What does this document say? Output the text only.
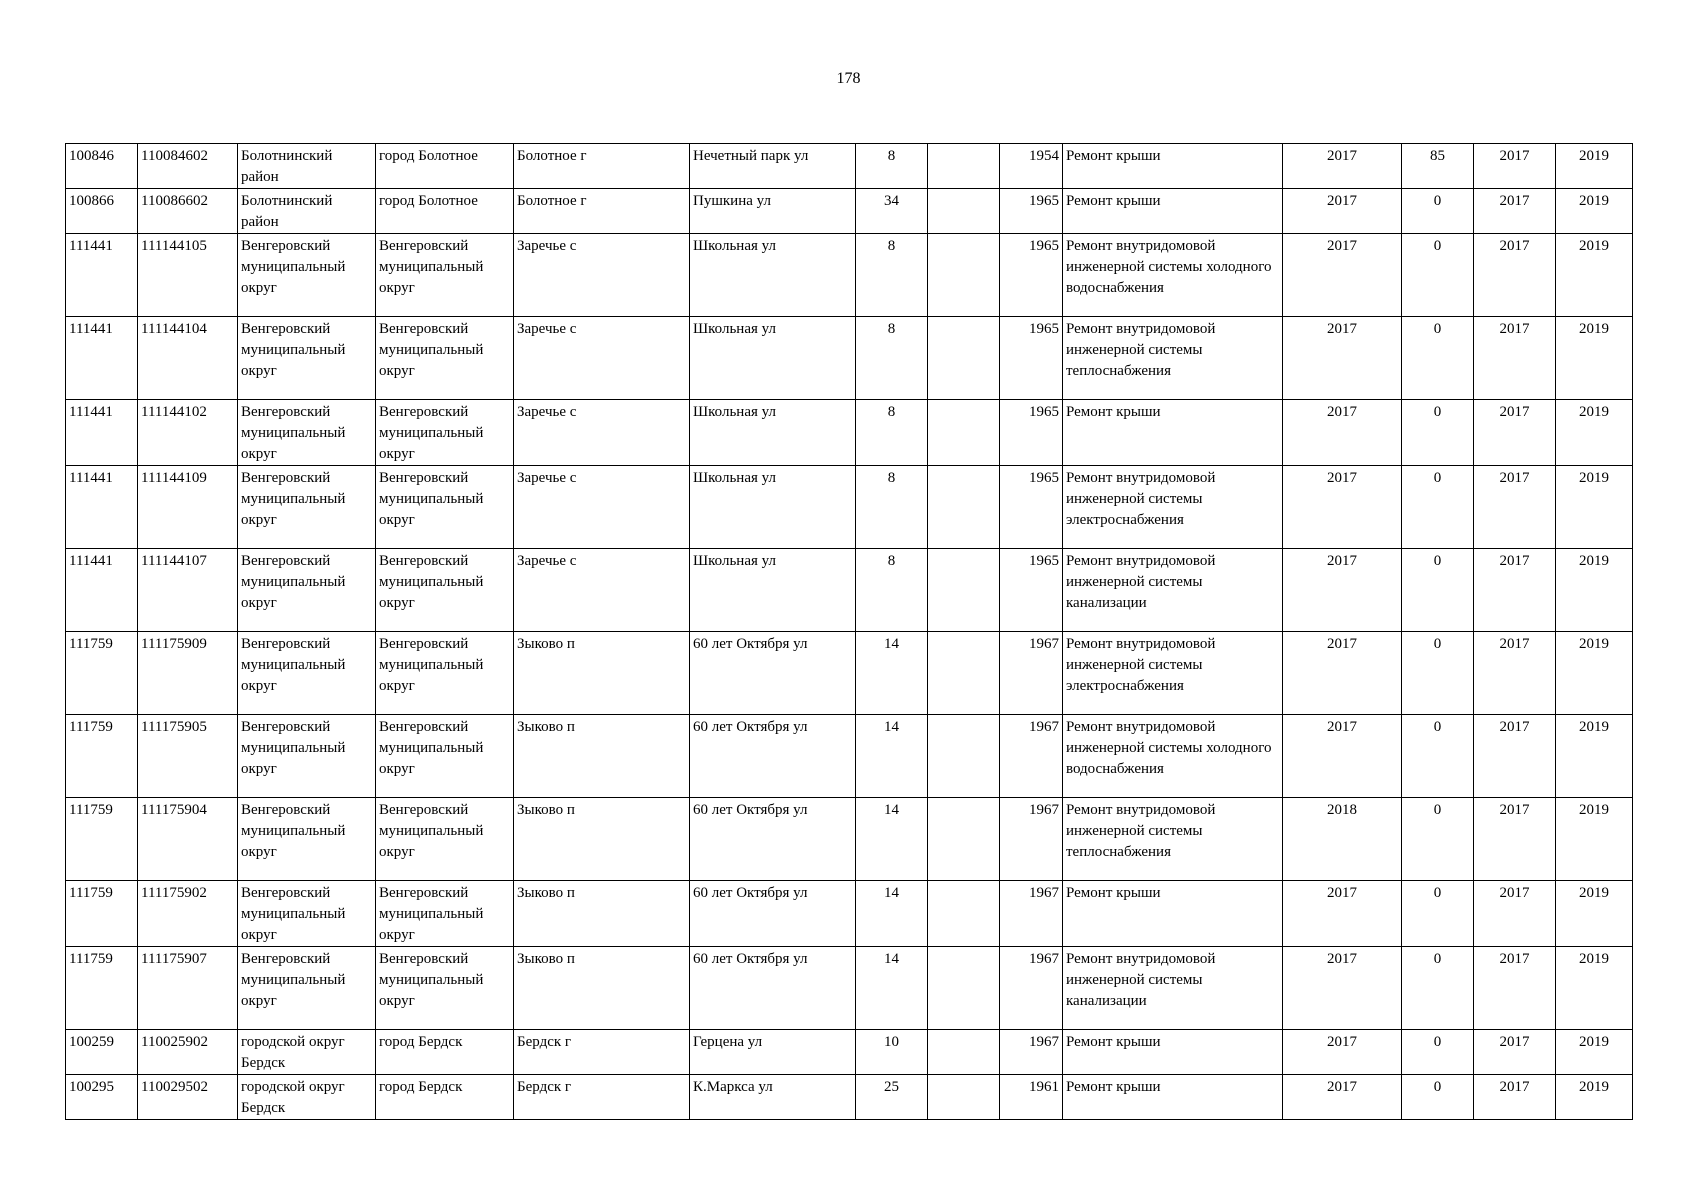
178
100846	110084602	Болотнинский район	город Болотное	Болотное г	Нечетный парк ул	8		1954	Ремонт крыши	2017	85	2017	2019
100866	110086602	Болотнинский район	город Болотное	Болотное г	Пушкина ул	34		1965	Ремонт крыши	2017	0	2017	2019
111441	111144105	Венгеровский муниципальный округ	Венгеровский муниципальный округ	Заречье с	Школьная ул	8		1965	Ремонт внутридомовой инженерной системы холодного водоснабжения	2017	0	2017	2019
111441	111144104	Венгеровский муниципальный округ	Венгеровский муниципальный округ	Заречье с	Школьная ул	8		1965	Ремонт внутридомовой инженерной системы теплоснабжения	2017	0	2017	2019
111441	111144102	Венгеровский муниципальный округ	Венгеровский муниципальный округ	Заречье с	Школьная ул	8		1965	Ремонт крыши	2017	0	2017	2019
111441	111144109	Венгеровский муниципальный округ	Венгеровский муниципальный округ	Заречье с	Школьная ул	8		1965	Ремонт внутридомовой инженерной системы электроснабжения	2017	0	2017	2019
111441	111144107	Венгеровский муниципальный округ	Венгеровский муниципальный округ	Заречье с	Школьная ул	8		1965	Ремонт внутридомовой инженерной системы канализации	2017	0	2017	2019
111759	111175909	Венгеровский муниципальный округ	Венгеровский муниципальный округ	Зыково п	60 лет Октября ул	14		1967	Ремонт внутридомовой инженерной системы электроснабжения	2017	0	2017	2019
111759	111175905	Венгеровский муниципальный округ	Венгеровский муниципальный округ	Зыково п	60 лет Октября ул	14		1967	Ремонт внутридомовой инженерной системы холодного водоснабжения	2017	0	2017	2019
111759	111175904	Венгеровский муниципальный округ	Венгеровский муниципальный округ	Зыково п	60 лет Октября ул	14		1967	Ремонт внутридомовой инженерной системы теплоснабжения	2018	0	2017	2019
111759	111175902	Венгеровский муниципальный округ	Венгеровский муниципальный округ	Зыково п	60 лет Октября ул	14		1967	Ремонт крыши	2017	0	2017	2019
111759	111175907	Венгеровский муниципальный округ	Венгеровский муниципальный округ	Зыково п	60 лет Октября ул	14		1967	Ремонт внутридомовой инженерной системы канализации	2017	0	2017	2019
100259	110025902	городской округ Бердск	город Бердск	Бердск г	Герцена ул	10		1967	Ремонт крыши	2017	0	2017	2019
100295	110029502	городской округ Бердск	город Бердск	Бердск г	К.Маркса ул	25		1961	Ремонт крыши	2017	0	2017	2019
